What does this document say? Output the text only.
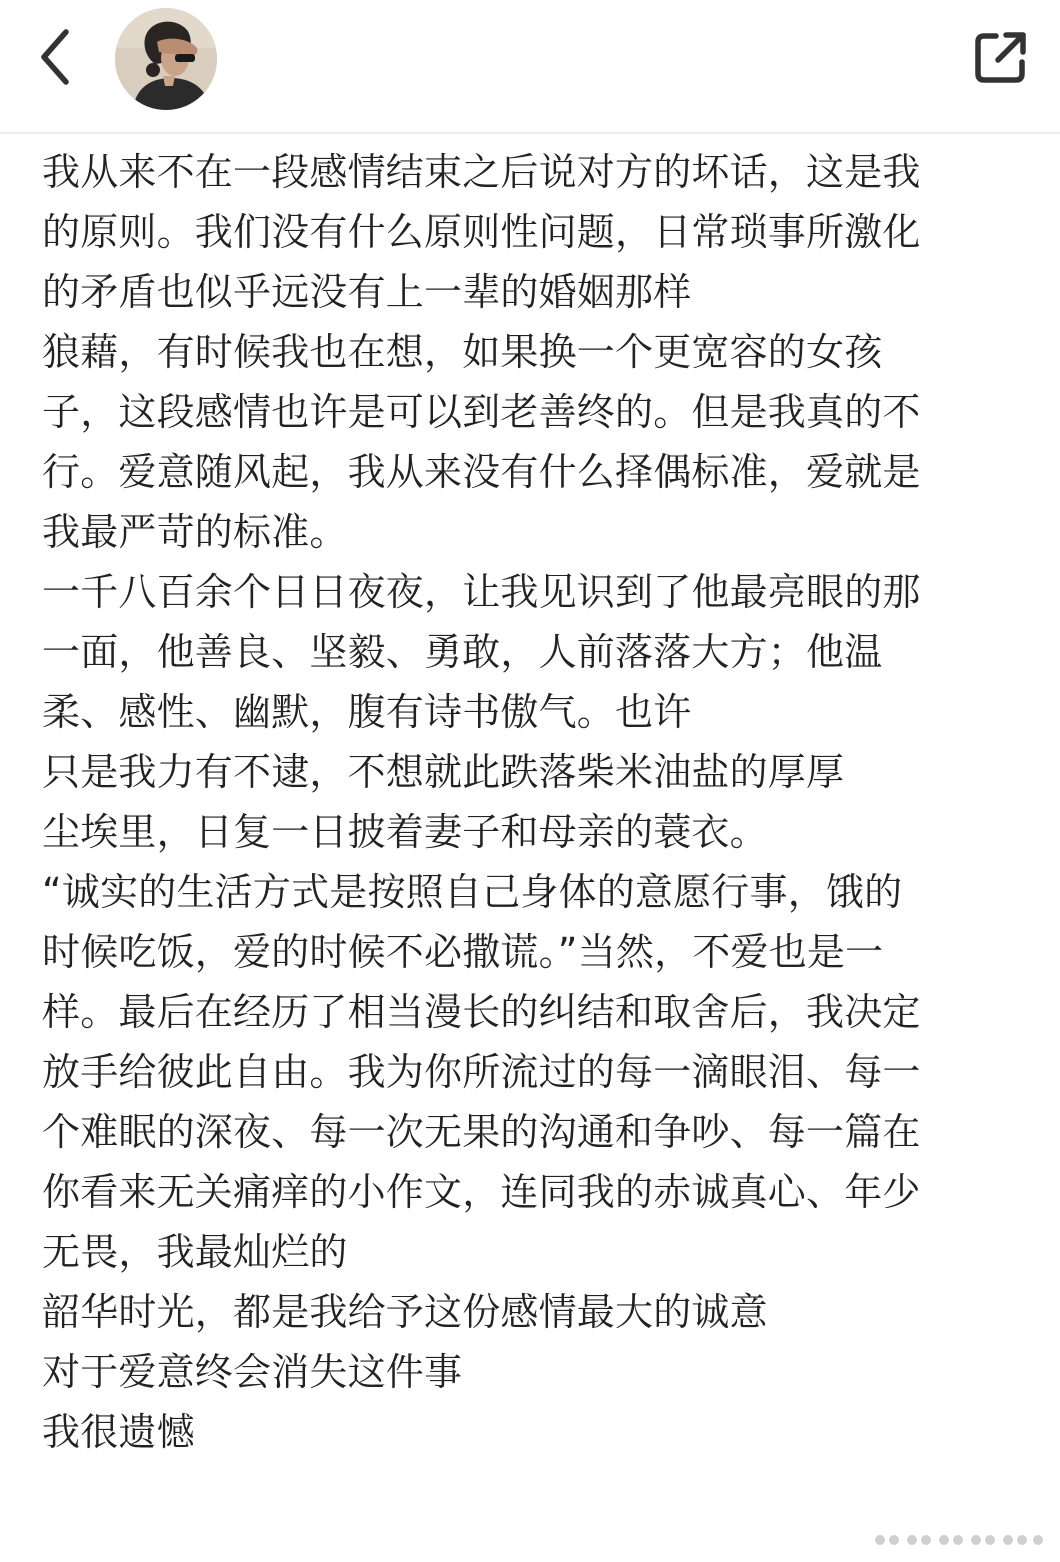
我从来不在一段感情结束之后说对方的坏话，这是我
的原则。我们没有什么原则性问题，日常琐事所激化
的矛盾也似乎远没有上一辈的婚姻那样
狼藉，有时候我也在想，如果换一个更宽容的女孩
子，这段感情也许是可以到老善终的。但是我真的不
行。爱意随风起，我从来没有什么择偶标准，爱就是
我最严苛的标准。
一千八百余个日日夜夜，让我见识到了他最亮眼的那
一面，他善良、坚毅、勇敢，人前落落大方；他温
柔、感性、幽默，腹有诗书傲气。也许
只是我力有不逮，不想就此跌落柴米油盐的厚厚
尘埃里，日复一日披着妻子和母亲的蓑衣。
“诚实的生活方式是按照自己身体的意愿行事，饿的
时候吃饭，爱的时候不必撒谎。”当然，不爱也是一
样。最后在经历了相当漫长的纠结和取舍后，我决定
放手给彼此自由。我为你所流过的每一滴眼泪、每一
个难眠的深夜、每一次无果的沟通和争吵、每一篇在
你看来无关痛痒的小作文，连同我的赤诚真心、年少
无畏，我最灿烂的
韶华时光，都是我给予这份感情最大的诚意
对于爱意终会消失这件事
我很遗憾
